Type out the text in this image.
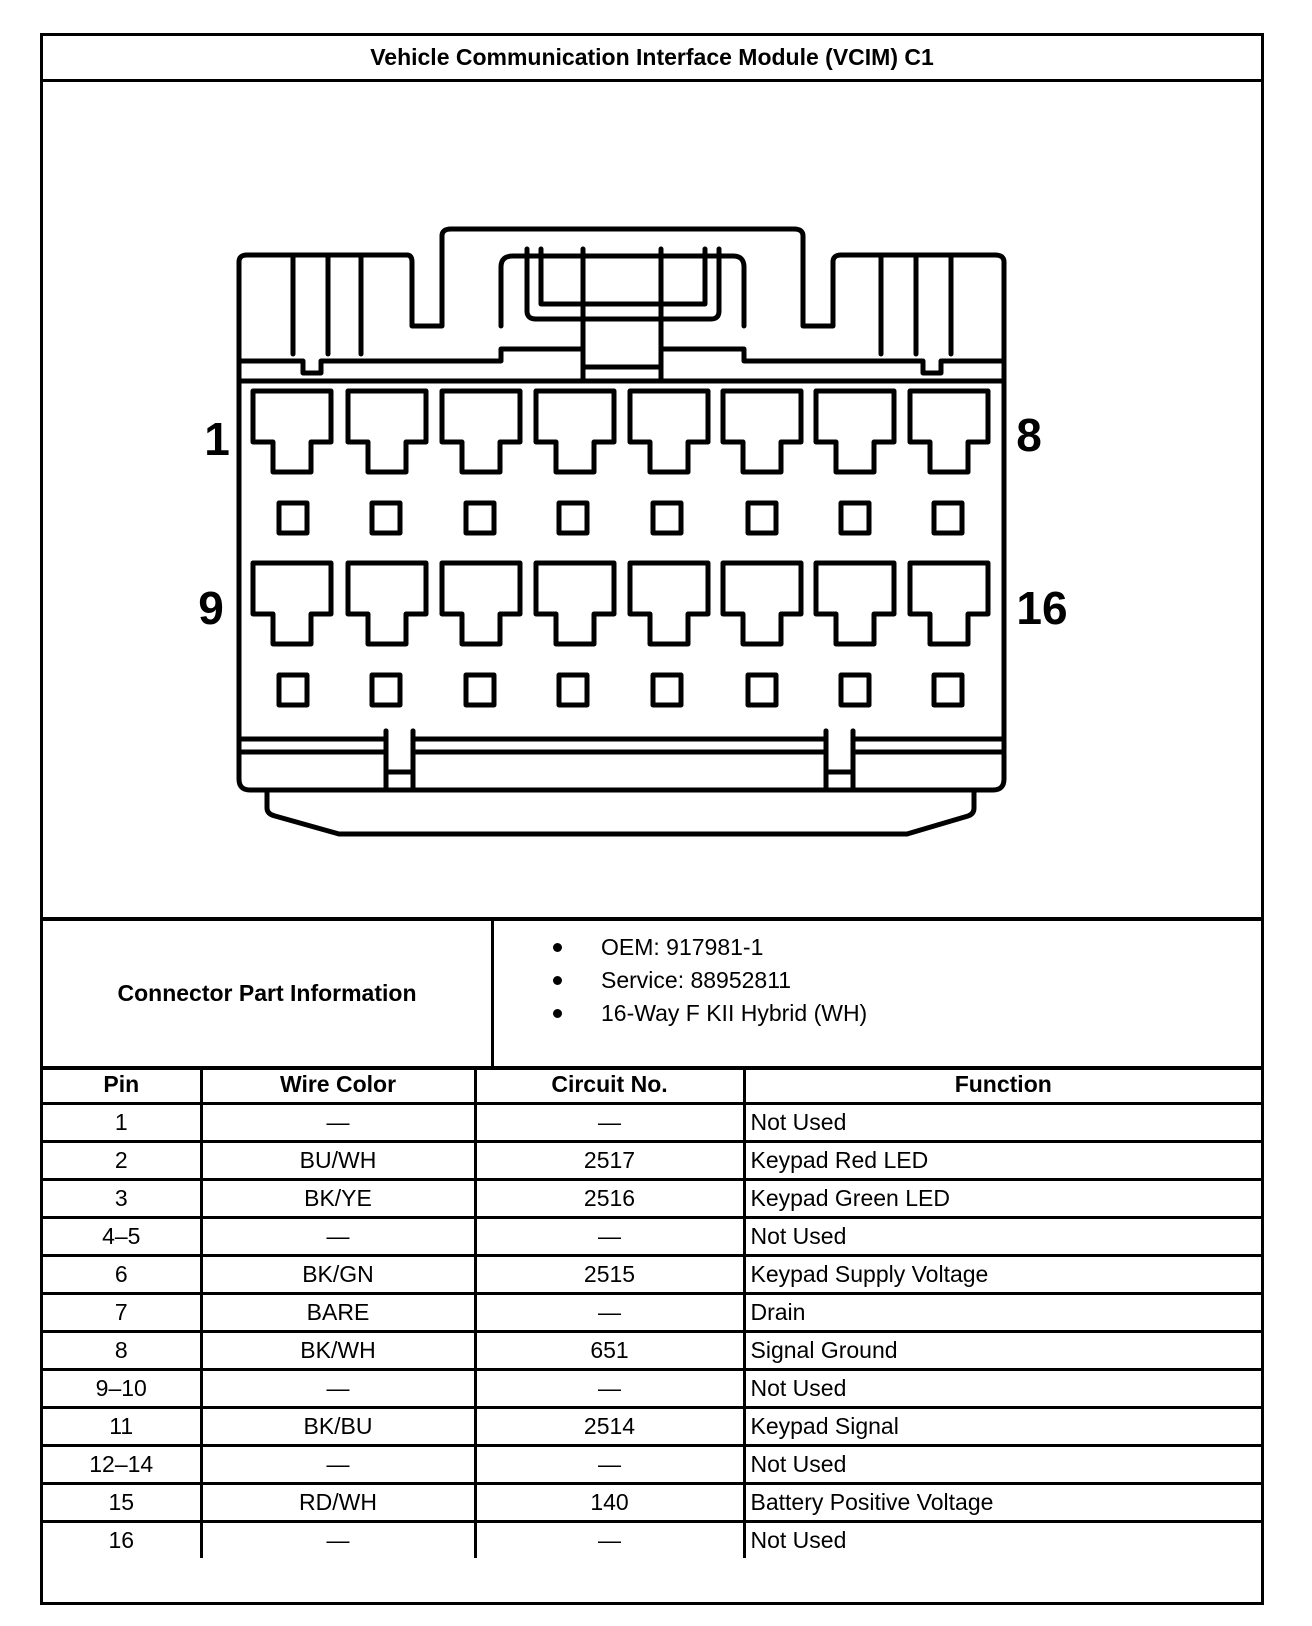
Vehicle Communication Interface Module (VCIM) C1
1	8
9	16
Connector Part Information
OEM: 917981-1
Service: 88952811
16-Way F KII Hybrid (WH)
Pin	Wire Color	Circuit No.	Function
1	—	—	Not Used
2	BU/WH	2517	Keypad Red LED
3	BK/YE	2516	Keypad Green LED
4–5	—	—	Not Used
6	BK/GN	2515	Keypad Supply Voltage
7	BARE	—	Drain
8	BK/WH	651	Signal Ground
9–10	—	—	Not Used
11	BK/BU	2514	Keypad Signal
12–14	—	—	Not Used
15	RD/WH	140	Battery Positive Voltage
16	—	—	Not Used
